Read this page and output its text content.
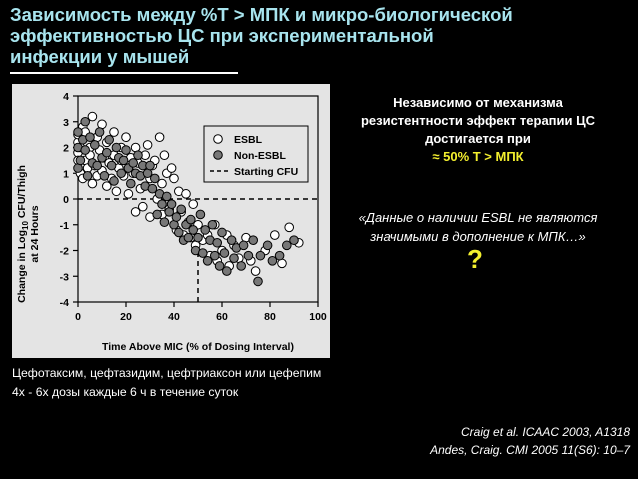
Зависимость между %Т > МПК и микро-биологической
эффективностью ЦС при экспериментальной
инфекции у мышей
Change in Log$_{10}$ CFU/Thigh
at 24 Hours
Time Above MIC (% of Dosing Interval)
0	20	40	60	80	100
-4
-3
-2
-1
0
1
2
3
4
ESBL
Non-ESBL
Starting CFU
Независимо от механизма
резистентности эффект терапии ЦС
достигается при
≈ 50% Т > МПК
«Данные о наличии ESBL не являются
значимыми в дополнение к МПК…»
?
Цефотаксим, цефтазидим, цефтриаксон или цефепим
4х - 6х дозы каждые 6 ч в течение суток
Craig et al. ICAAC 2003, A1318
Andes, Craig. CMI 2005 11(S6): 10–7
